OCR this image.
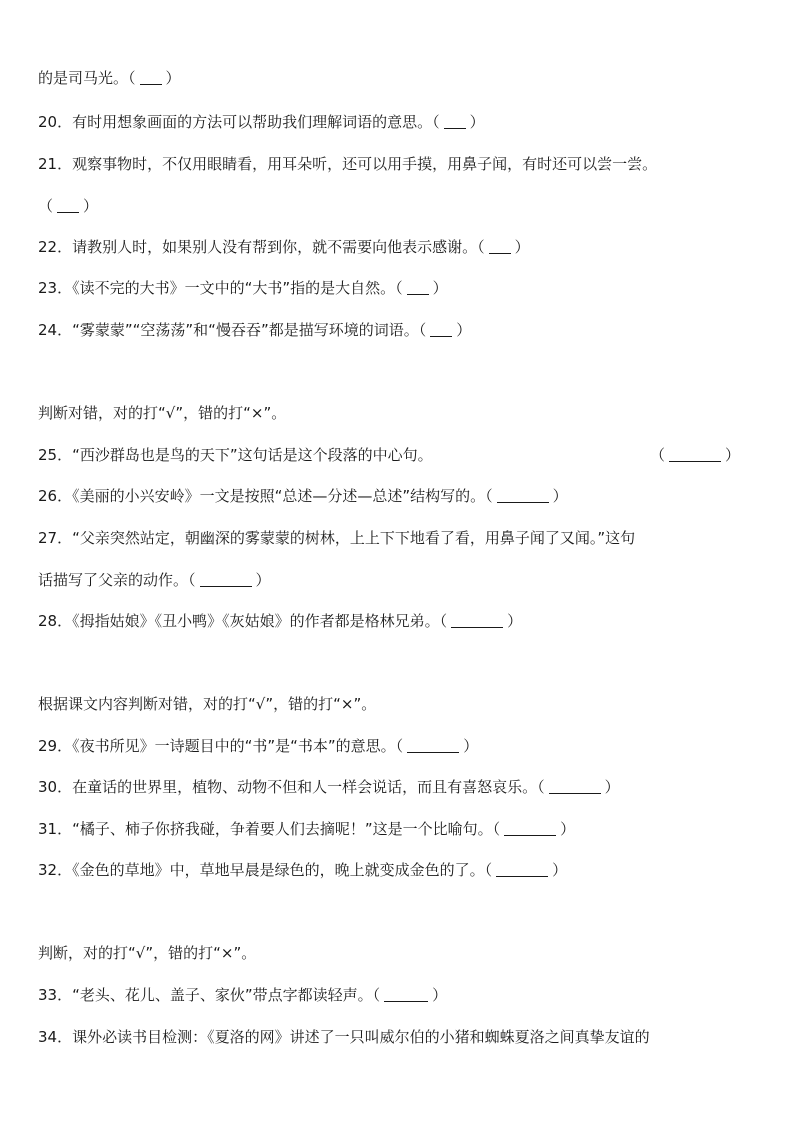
的是司马光。（ ）
20．有时用想象画面的方法可以帮助我们理解词语的意思。（ ）
21．观察事物时，不仅用眼睛看，用耳朵听，还可以用手摸，用鼻子闻，有时还可以尝一尝。
（ ）
22．请教别人时，如果别人没有帮到你，就不需要向他表示感谢。（ ）
23．《读不完的大书》一文中的“大书”指的是大自然。（ ）
24．“雾蒙蒙”“空荡荡”和“慢吞吞”都是描写环境的词语。（ ）
判断对错，对的打“√”，错的打“×”。
25．“西沙群岛也是鸟的天下”这句话是这个段落的中心句。	（	）
26．《美丽的小兴安岭》一文是按照“总述—分述—总述”结构写的。（	）
27．“父亲突然站定，朝幽深的雾蒙蒙的树林，上上下下地看了看，用鼻子闻了又闻。”这句
话描写了父亲的动作。（	）
28．《拇指姑娘》《丑小鸭》《灰姑娘》的作者都是格林兄弟。（	）
根据课文内容判断对错，对的打“√”，错的打“×”。
29．《夜书所见》一诗题目中的“书”是“书本”的意思。（	）
30．在童话的世界里，植物、动物不但和人一样会说话，而且有喜怒哀乐。（	）
31．“橘子、柿子你挤我碰，争着要人们去摘呢！”这是一个比喻句。（	）
32．《金色的草地》中，草地早晨是绿色的，晚上就变成金色的了。（	）
判断，对的打“√”，错的打“×”。
33．“老头、花儿、盖子、家伙”带点字都读轻声。（	）
34．课外必读书目检测：《夏洛的网》讲述了一只叫威尔伯的小猪和蜘蛛夏洛之间真挚友谊的
